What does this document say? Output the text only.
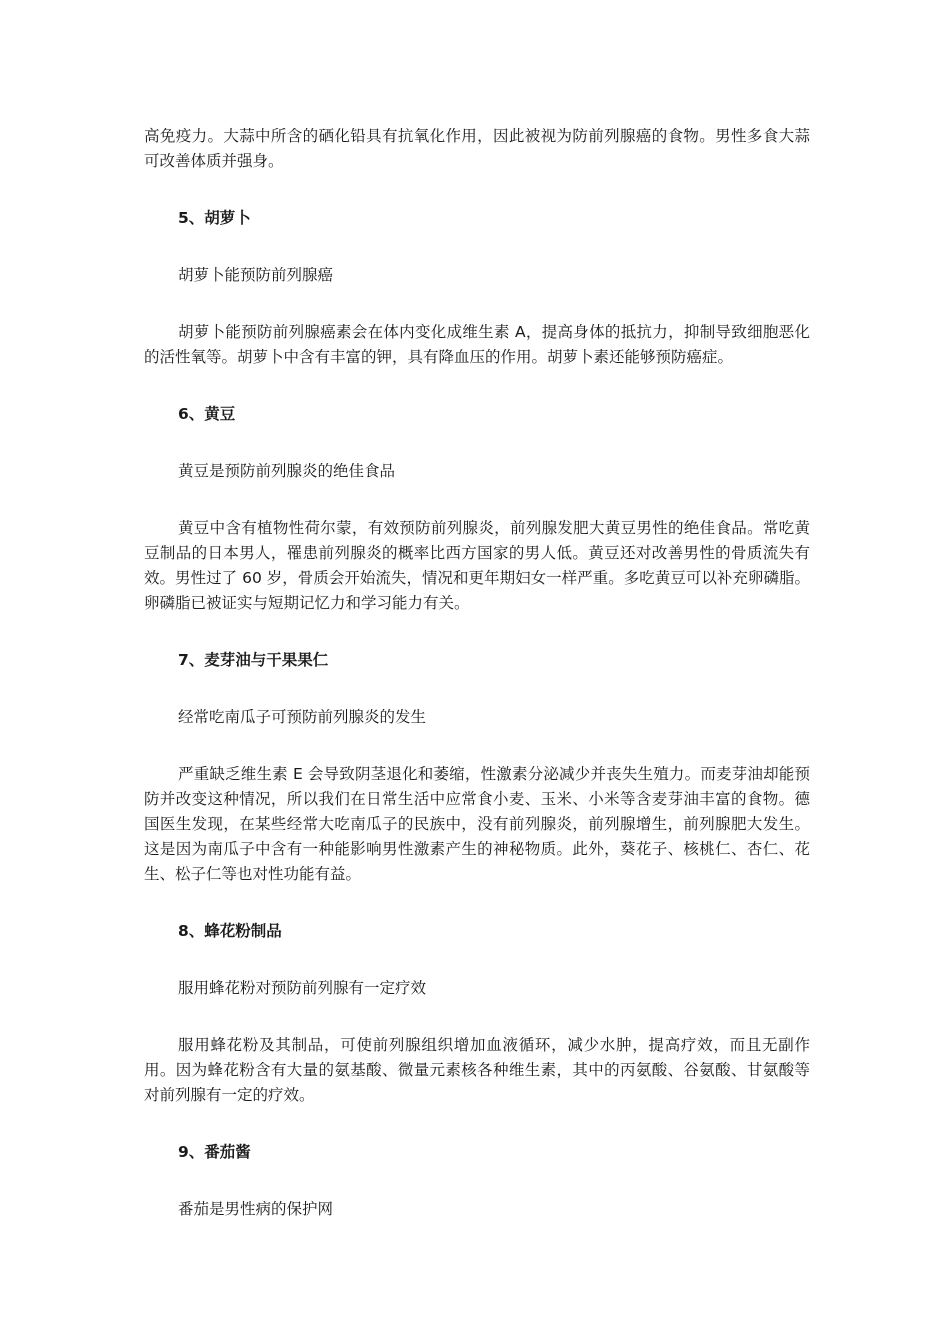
高免疫力。大蒜中所含的硒化铅具有抗氧化作用，因此被视为防前列腺癌的食物。男性多食大蒜可改善体质并强身。

5、胡萝卜

胡萝卜能预防前列腺癌

胡萝卜能预防前列腺癌素会在体内变化成维生素 A，提高身体的抵抗力，抑制导致细胞恶化的活性氧等。胡萝卜中含有丰富的钾，具有降血压的作用。胡萝卜素还能够预防癌症。

6、黄豆

黄豆是预防前列腺炎的绝佳食品

黄豆中含有植物性荷尔蒙，有效预防前列腺炎，前列腺发肥大黄豆男性的绝佳食品。常吃黄豆制品的日本男人，罹患前列腺炎的概率比西方国家的男人低。黄豆还对改善男性的骨质流失有效。男性过了 60 岁，骨质会开始流失，情况和更年期妇女一样严重。多吃黄豆可以补充卵磷脂。卵磷脂已被证实与短期记忆力和学习能力有关。

7、麦芽油与干果果仁

经常吃南瓜子可预防前列腺炎的发生

严重缺乏维生素 E 会导致阴茎退化和萎缩，性激素分泌减少并丧失生殖力。而麦芽油却能预防并改变这种情况，所以我们在日常生活中应常食小麦、玉米、小米等含麦芽油丰富的食物。德国医生发现，在某些经常大吃南瓜子的民族中，没有前列腺炎，前列腺增生，前列腺肥大发生。这是因为南瓜子中含有一种能影响男性激素产生的神秘物质。此外，葵花子、核桃仁、杏仁、花生、松子仁等也对性功能有益。

8、蜂花粉制品

服用蜂花粉对预防前列腺有一定疗效

服用蜂花粉及其制品，可使前列腺组织增加血液循环，减少水肿，提高疗效，而且无副作用。因为蜂花粉含有大量的氨基酸、微量元素核各种维生素，其中的丙氨酸、谷氨酸、甘氨酸等对前列腺有一定的疗效。

9、番茄酱

番茄是男性病的保护网
